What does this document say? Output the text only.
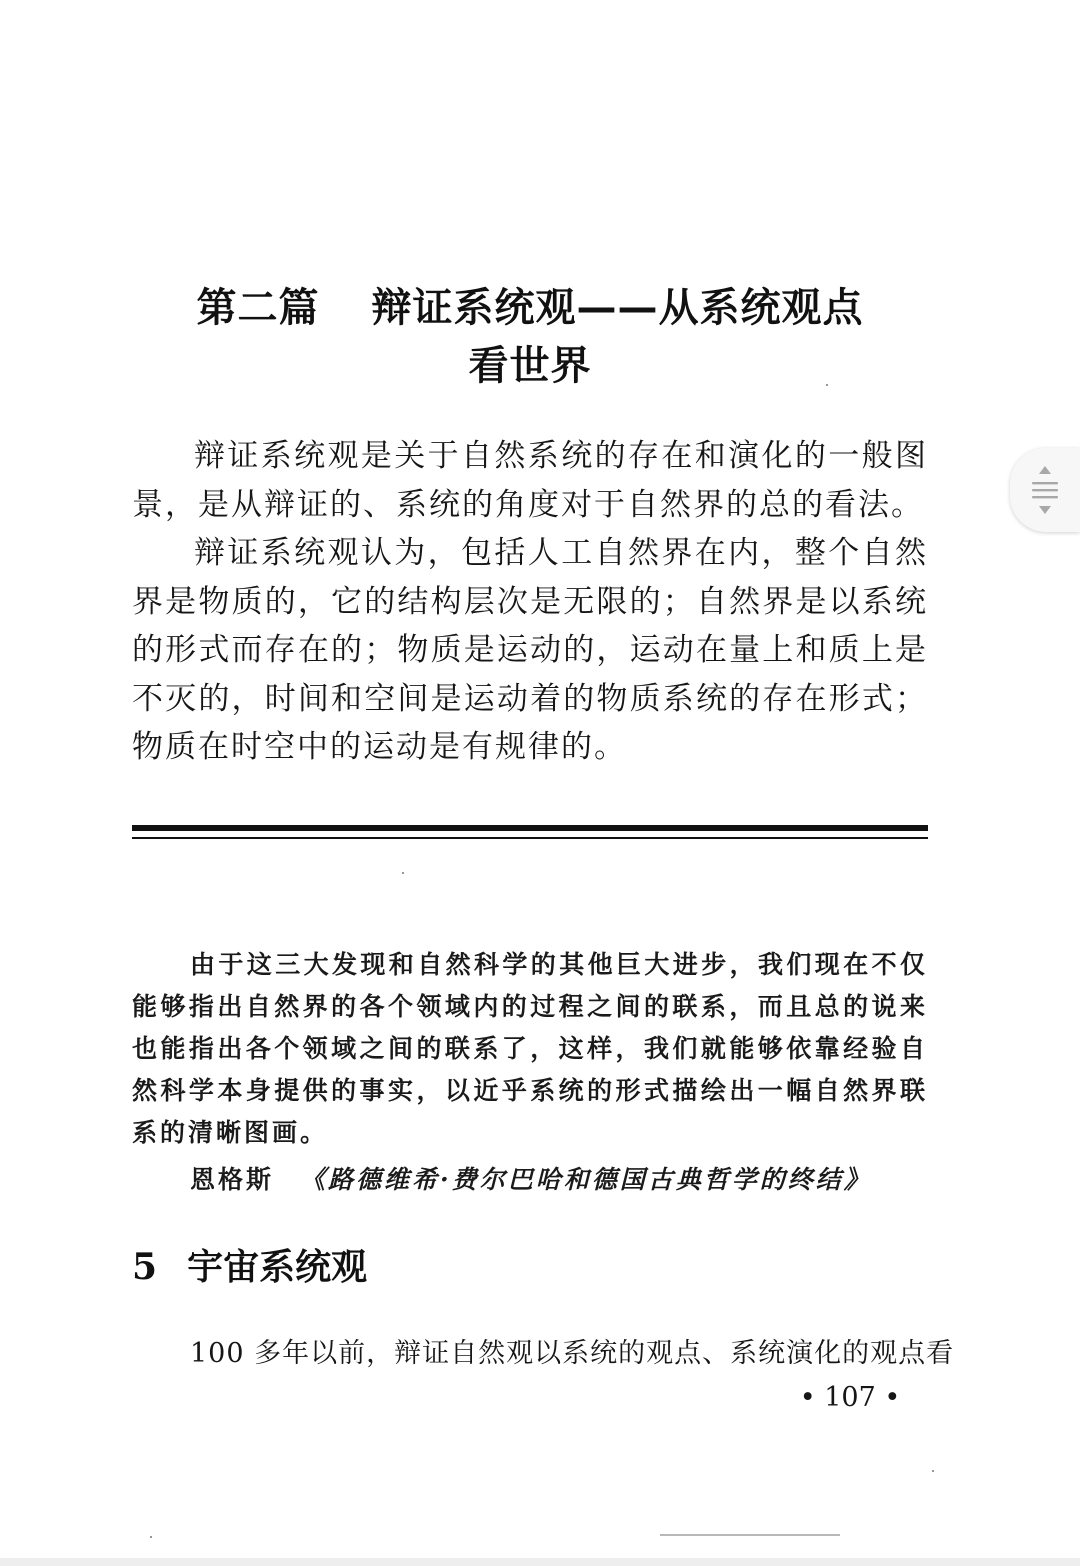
第二篇 辩证系统观——从系统观点
看世界

辩证系统观是关于自然系统的存在和演化的一般图景，是从辩证的、系统的角度对于自然界的总的看法。

辩证系统观认为，包括人工自然界在内，整个自然界是物质的，它的结构层次是无限的；自然界是以系统的形式而存在的；物质是运动的，运动在量上和质上是不灭的，时间和空间是运动着的物质系统的存在形式；物质在时空中的运动是有规律的。

由于这三大发现和自然科学的其他巨大进步，我们现在不仅能够指出自然界的各个领域内的过程之间的联系，而且总的说来也能指出各个领域之间的联系了，这样，我们就能够依靠经验自然科学本身提供的事实，以近乎系统的形式描绘出一幅自然界联系的清晰图画。

恩格斯 《路德维希·费尔巴哈和德国古典哲学的终结》
5 宇宙系统观
100 多年以前，辩证自然观以系统的观点、系统演化的观点看
• 107 •
